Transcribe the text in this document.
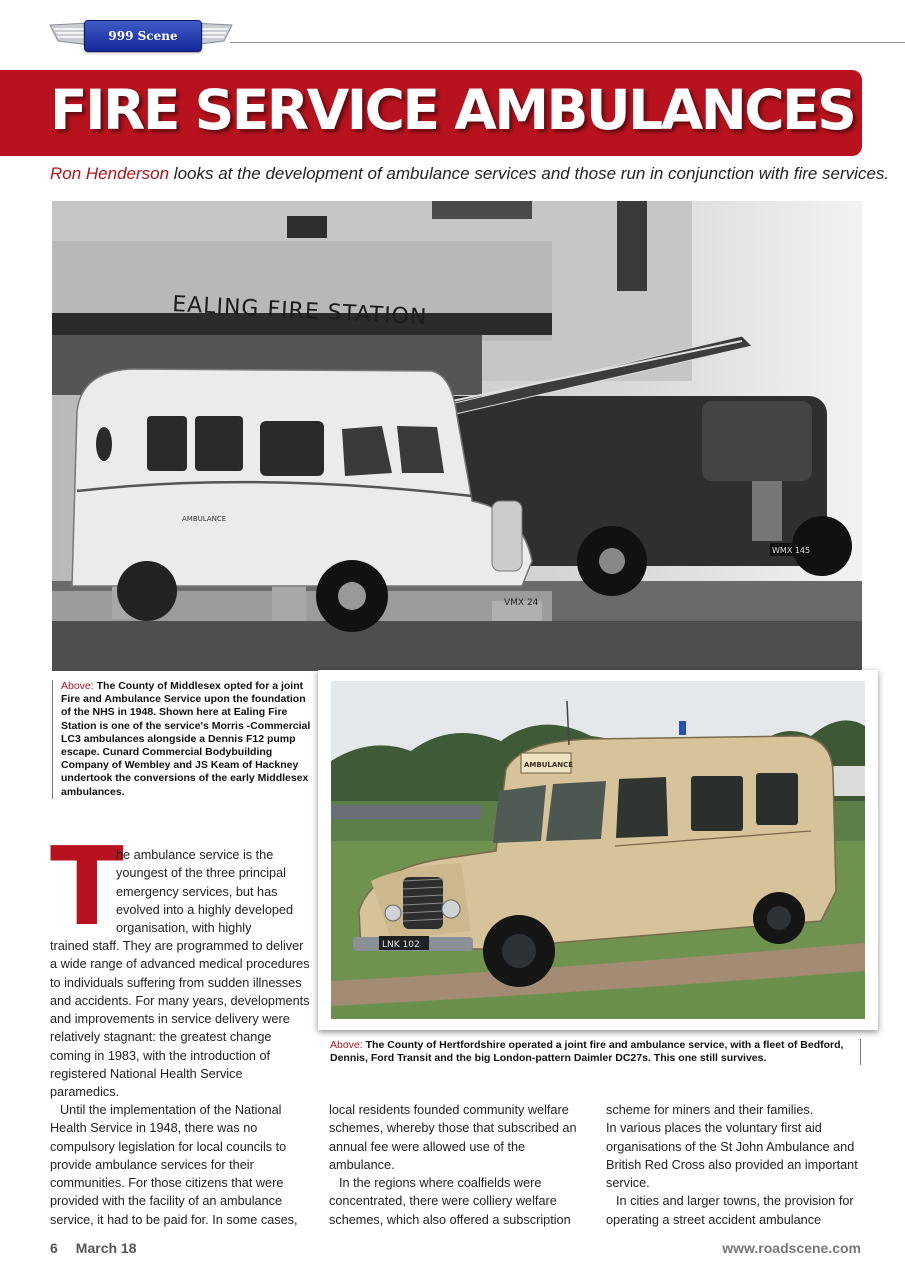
999 Scene
FIRE SERVICE AMBULANCES
Ron Henderson looks at the development of ambulance services and those run in conjunction with fire services.
EALING FIRE STATION
WMX 145
AMBULANCE
VMX 24
Above: The County of Middlesex opted for a joint Fire and Ambulance Service upon the foundation of the NHS in 1948. Shown here at Ealing Fire Station is one of the service's Morris -Commercial LC3 ambulances alongside a Dennis F12 pump escape. Cunard Commercial Bodybuilding Company of Wembley and JS Keam of Hackney undertook the conversions of the early Middlesex ambulances.
AMBULANCE
LNK 102
Above: The County of Hertfordshire operated a joint fire and ambulance service, with a fleet of Bedford, Dennis, Ford Transit and the big London-pattern Daimler DC27s. This one still survives.
T
he ambulance service is the youngest of the three principal emergency services, but has evolved into a highly developed organisation, with highly
trained staff. They are programmed to deliver a wide range of advanced medical procedures to individuals suffering from sudden illnesses and accidents. For many years, developments and improvements in service delivery were relatively stagnant: the greatest change coming in 1983, with the introduction of registered National Health Service paramedics.

Until the implementation of the National Health Service in 1948, there was no compulsory legislation for local councils to provide ambulance services for their communities. For those citizens that were provided with the facility of an ambulance service, it had to be paid for. In some cases,

local residents founded community welfare schemes, whereby those that subscribed an annual fee were allowed use of the ambulance.

In the regions where coalfields were concentrated, there were colliery welfare schemes, which also offered a subscription

scheme for miners and their families.

In various places the voluntary first aid organisations of the St John Ambulance and British Red Cross also provided an important service.

In cities and larger towns, the provision for operating a street accident ambulance

6 March 18	www.roadscene.com
